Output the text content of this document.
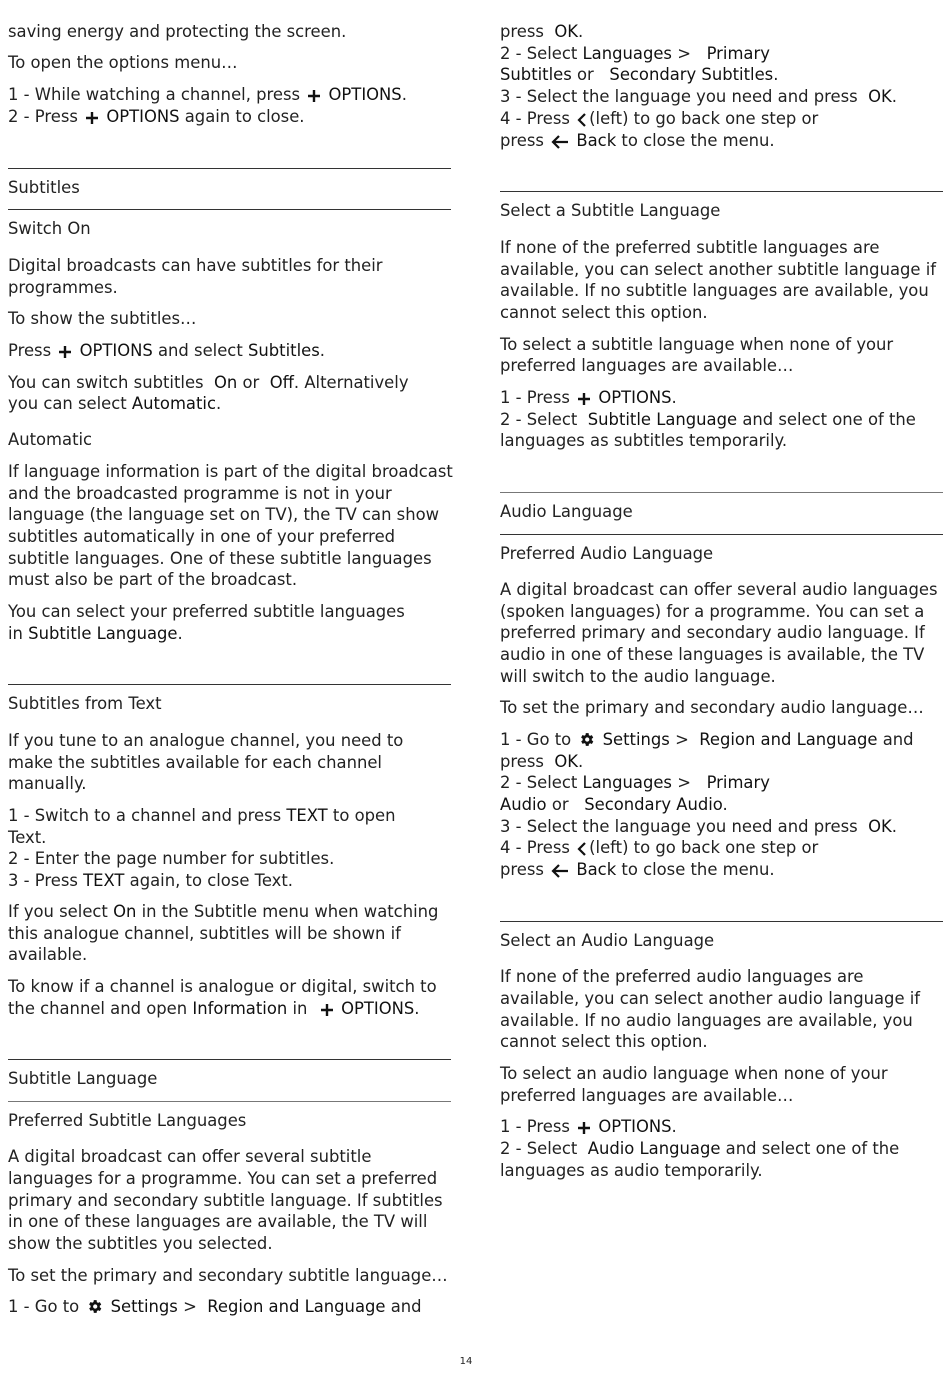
saving energy and protecting the screen.
To open the options menu…
1 - While watching a channel, press OPTIONS.
2 - Press OPTIONS again to close.
Subtitles
Switch On
Digital broadcasts can have subtitles for their
programmes.
To show the subtitles…
Press OPTIONS and select Subtitles.
You can switch subtitles On or Off. Alternatively
you can select Automatic.
Automatic
If language information is part of the digital broadcast
and the broadcasted programme is not in your
language (the language set on TV), the TV can show
subtitles automatically in one of your preferred
subtitle languages. One of these subtitle languages
must also be part of the broadcast.
You can select your preferred subtitle languages
in Subtitle Language.
Subtitles from Text
If you tune to an analogue channel, you need to
make the subtitles available for each channel
manually.
1 - Switch to a channel and press TEXT to open
Text.
2 - Enter the page number for subtitles.
3 - Press TEXT again, to close Text.
If you select On in the Subtitle menu when watching
this analogue channel, subtitles will be shown if
available.
To know if a channel is analogue or digital, switch to
the channel and open Information in OPTIONS.
Subtitle Language
Preferred Subtitle Languages
A digital broadcast can offer several subtitle
languages for a programme. You can set a preferred
primary and secondary subtitle language. If subtitles
in one of these languages are available, the TV will
show the subtitles you selected.
To set the primary and secondary subtitle language…
1 - Go to Settings > Region and Language and
press OK.
2 - Select Languages > Primary
Subtitles or Secondary Subtitles.
3 - Select the language you need and press OK.
4 - Press (left) to go back one step or
press Back to close the menu.
Select a Subtitle Language
If none of the preferred subtitle languages are
available, you can select another subtitle language if
available. If no subtitle languages are available, you
cannot select this option.
To select a subtitle language when none of your
preferred languages are available…
1 - Press OPTIONS.
2 - Select Subtitle Language and select one of the
languages as subtitles temporarily.
Audio Language
Preferred Audio Language
A digital broadcast can offer several audio languages
(spoken languages) for a programme. You can set a
preferred primary and secondary audio language. If
audio in one of these languages is available, the TV
will switch to the audio language.
To set the primary and secondary audio language…
1 - Go to Settings > Region and Language and
press OK.
2 - Select Languages > Primary
Audio or Secondary Audio.
3 - Select the language you need and press OK.
4 - Press (left) to go back one step or
press Back to close the menu.
Select an Audio Language
If none of the preferred audio languages are
available, you can select another audio language if
available. If no audio languages are available, you
cannot select this option.
To select an audio language when none of your
preferred languages are available…
1 - Press OPTIONS.
2 - Select Audio Language and select one of the
languages as audio temporarily.
14
